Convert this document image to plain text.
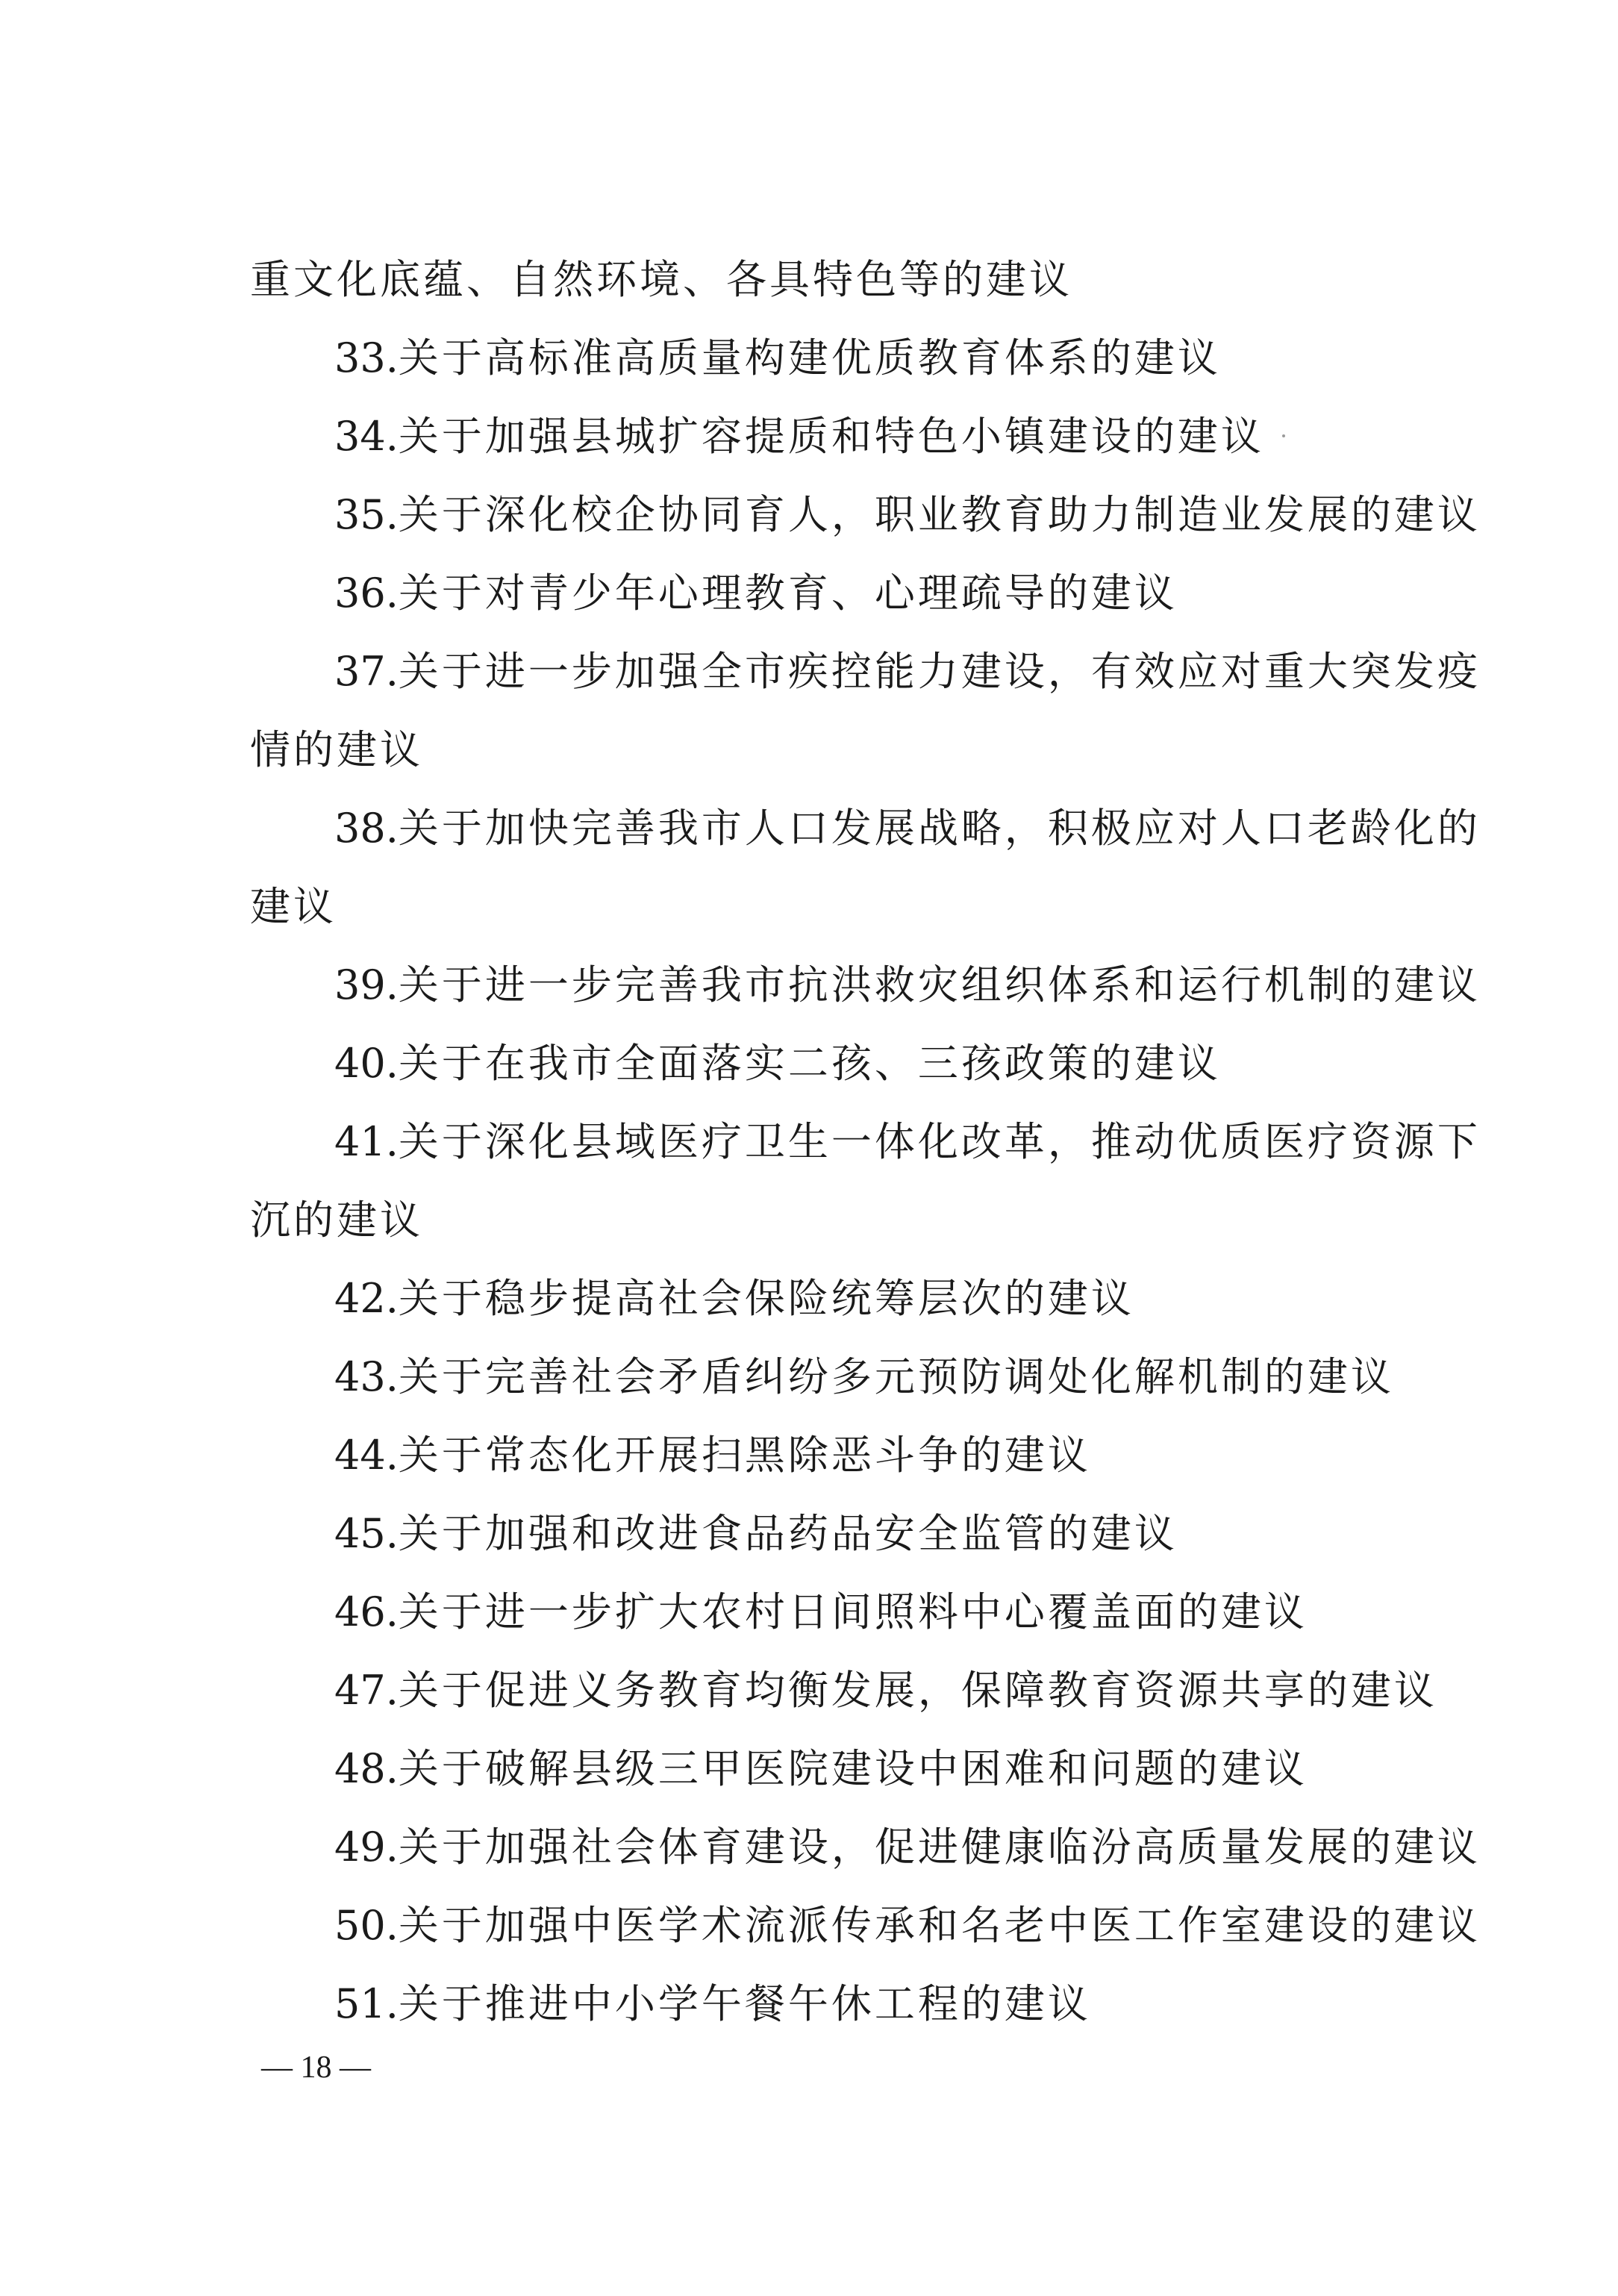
重文化底蕴、自然环境、各具特色等的建议
33.关于高标准高质量构建优质教育体系的建议
34.关于加强县城扩容提质和特色小镇建设的建议
35.关于深化校企协同育人，职业教育助力制造业发展的建议
36.关于对青少年心理教育、心理疏导的建议
37.关于进一步加强全市疾控能力建设，有效应对重大突发疫
情的建议
38.关于加快完善我市人口发展战略，积极应对人口老龄化的
建议
39.关于进一步完善我市抗洪救灾组织体系和运行机制的建议
40.关于在我市全面落实二孩、三孩政策的建议
41.关于深化县域医疗卫生一体化改革，推动优质医疗资源下
沉的建议
42.关于稳步提高社会保险统筹层次的建议
43.关于完善社会矛盾纠纷多元预防调处化解机制的建议
44.关于常态化开展扫黑除恶斗争的建议
45.关于加强和改进食品药品安全监管的建议
46.关于进一步扩大农村日间照料中心覆盖面的建议
47.关于促进义务教育均衡发展，保障教育资源共享的建议
48.关于破解县级三甲医院建设中困难和问题的建议
49.关于加强社会体育建设，促进健康临汾高质量发展的建议
50.关于加强中医学术流派传承和名老中医工作室建设的建议
51.关于推进中小学午餐午休工程的建议
— 18 —
